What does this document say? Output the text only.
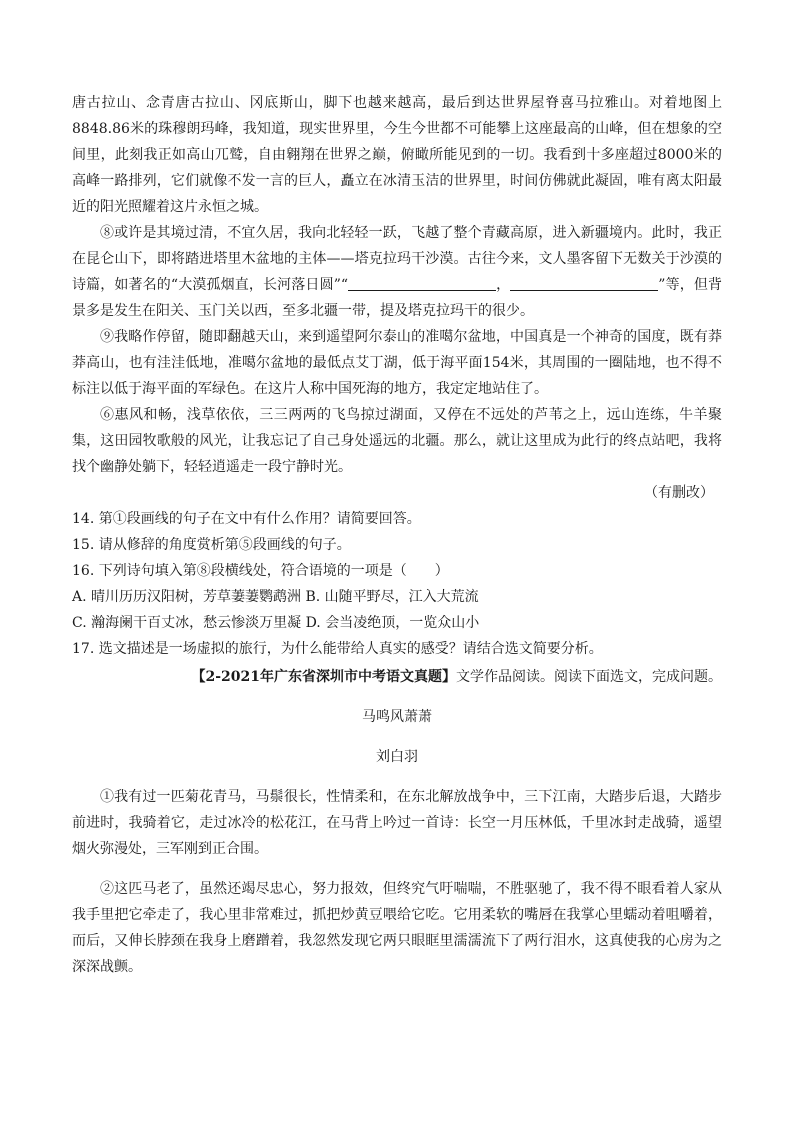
唐古拉山、念青唐古拉山、冈底斯山，脚下也越来越高，最后到达世界屋脊喜马拉雅山。对着地图上8848.86米的珠穆朗玛峰，我知道，现实世界里，今生今世都不可能攀上这座最高的山峰，但在想象的空间里，此刻我正如高山兀鹫，自由翱翔在世界之巅，俯瞰所能见到的一切。我看到十多座超过8000米的高峰一路排列，它们就像不发一言的巨人，矗立在冰清玉洁的世界里，时间仿佛就此凝固，唯有离太阳最近的阳光照耀着这片永恒之城。

⑧或许是其境过清，不宜久居，我向北轻轻一跃，飞越了整个青藏高原，进入新疆境内。此时，我正在昆仑山下，即将踏进塔里木盆地的主体——塔克拉玛干沙漠。古往今来，文人墨客留下无数关于沙漠的诗篇，如著名的“大漠孤烟直，长河落日圆”“	，	”等，但背景多是发生在阳关、玉门关以西，至多北疆一带，提及塔克拉玛干的很少。

⑨我略作停留，随即翻越天山，来到遥望阿尔泰山的准噶尔盆地，中国真是一个神奇的国度，既有莽莽高山，也有洼洼低地，准噶尔盆地的最低点艾丁湖，低于海平面154米，其周围的一圈陆地，也不得不标注以低于海平面的军绿色。在这片人称中国死海的地方，我定定地站住了。

⑥惠风和畅，浅草依依，三三两两的飞鸟掠过湖面，又停在不远处的芦苇之上，远山连练，牛羊聚集，这田园牧歌般的风光，让我忘记了自己身处遥远的北疆。那么，就让这里成为此行的终点站吧，我将找个幽静处躺下，轻轻逍遥走一段宁静时光。

（有删改）

14. 第①段画线的句子在文中有什么作用？请简要回答。

15. 请从修辞的角度赏析第⑤段画线的句子。

16. 下列诗句填入第⑧段横线处，符合语境的一项是（　　）

A. 晴川历历汉阳树，芳草萋萋鹦鹉洲 B. 山随平野尽，江入大荒流

C. 瀚海阑干百丈冰，愁云惨淡万里凝 D. 会当凌绝顶，一览众山小

17. 选文描述是一场虚拟的旅行，为什么能带给人真实的感受？请结合选文简要分析。

【2-2021年广东省深圳市中考语文真题】文学作品阅读。阅读下面选文，完成问题。

马鸣风萧萧

刘白羽

①我有过一匹菊花青马，马鬃很长，性情柔和，在东北解放战争中，三下江南，大踏步后退，大踏步前进时，我骑着它，走过冰冷的松花江，在马背上吟过一首诗：长空一月压林低，千里冰封走战骑，遥望烟火弥漫处，三军刚到正合围。

②这匹马老了，虽然还竭尽忠心，努力报效，但终究气吁喘喘，不胜驱驰了，我不得不眼看着人家从我手里把它牵走了，我心里非常难过，抓把炒黄豆喂给它吃。它用柔软的嘴唇在我掌心里蠕动着咀嚼着，而后，又伸长脖颈在我身上磨蹭着，我忽然发现它两只眼眶里濡濡流下了两行泪水，这真使我的心房为之深深战颤。
